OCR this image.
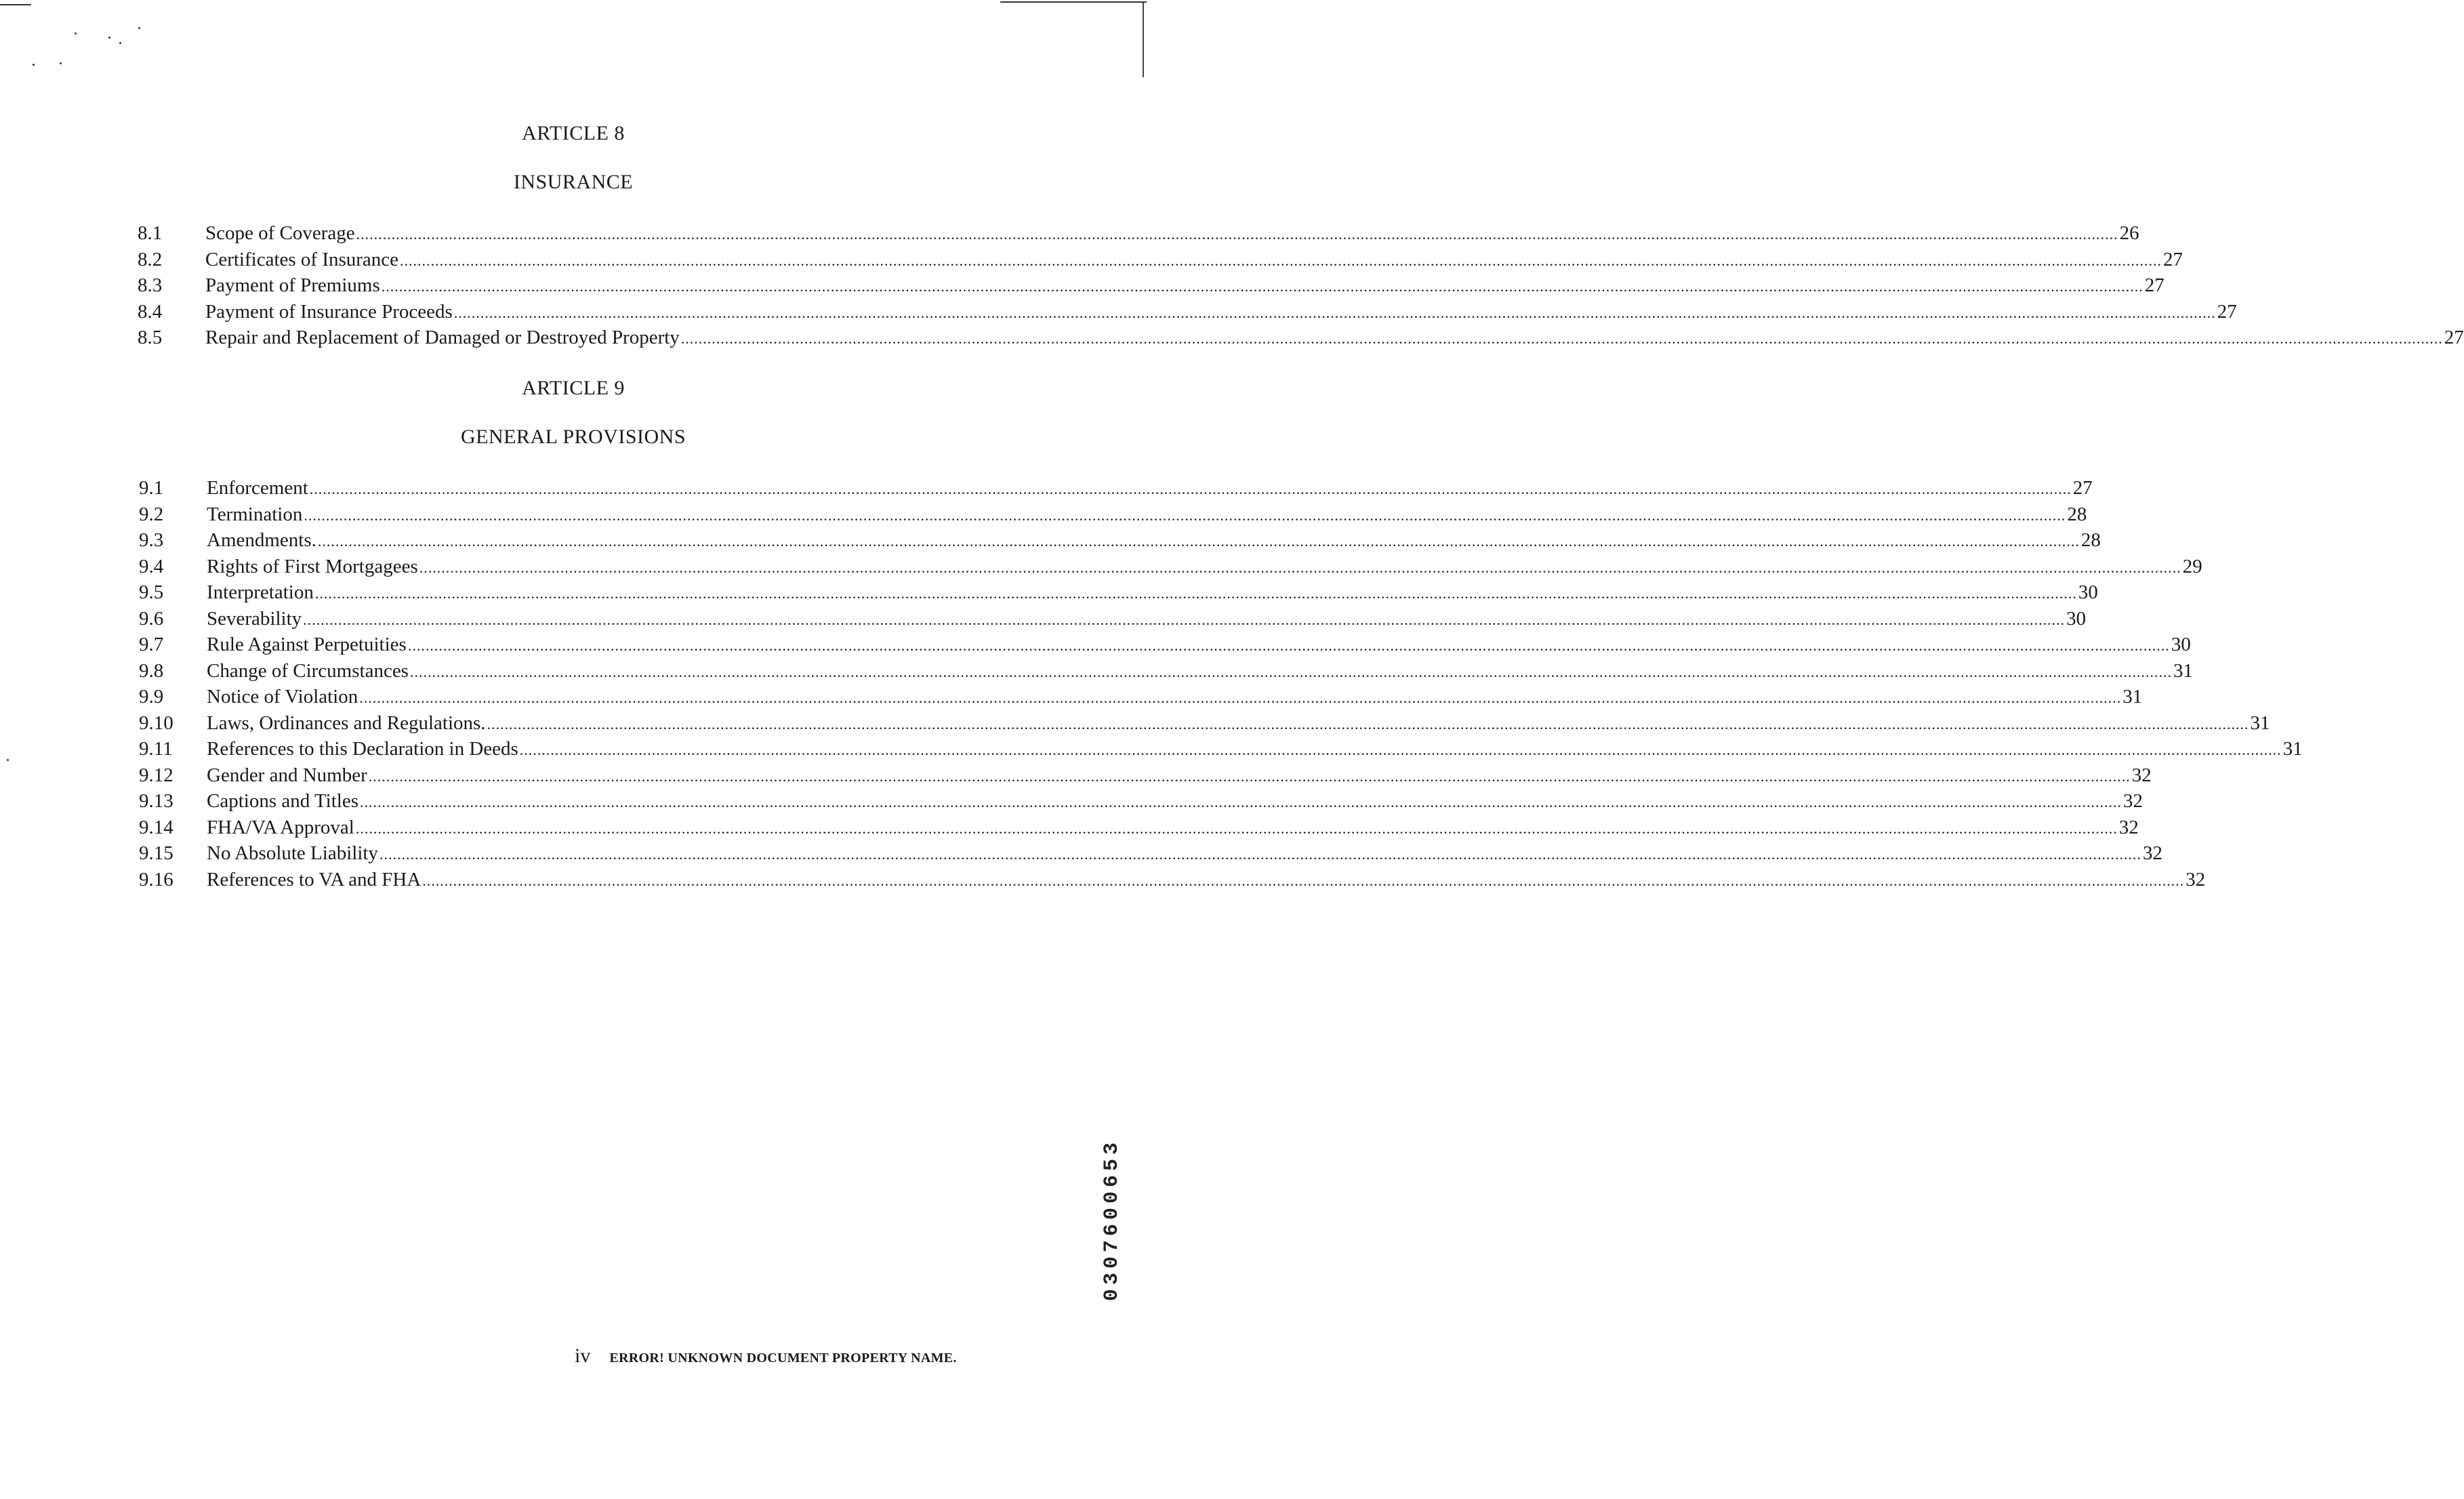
ARTICLE 8
INSURANCE
8.1	Scope of Coverage ................................................................................................................................................................................................................................................................................................................................................................................................................ 26
8.2	Certificates of Insurance ................................................................................................................................................................................................................................................................................................................................................................................................................ 27
8.3	Payment of Premiums ................................................................................................................................................................................................................................................................................................................................................................................................................ 27
8.4	Payment of Insurance Proceeds ................................................................................................................................................................................................................................................................................................................................................................................................................ 27
8.5	Repair and Replacement of Damaged or Destroyed Property ................................................................................................................................................................................................................................................................................................................................................................................................................ 27
ARTICLE 9
GENERAL PROVISIONS
9.1	Enforcement ................................................................................................................................................................................................................................................................................................................................................................................................................ 27
9.2	Termination ................................................................................................................................................................................................................................................................................................................................................................................................................ 28
9.3	Amendments. ................................................................................................................................................................................................................................................................................................................................................................................................................ 28
9.4	Rights of First Mortgagees ................................................................................................................................................................................................................................................................................................................................................................................................................ 29
9.5	Interpretation ................................................................................................................................................................................................................................................................................................................................................................................................................ 30
9.6	Severability ................................................................................................................................................................................................................................................................................................................................................................................................................ 30
9.7	Rule Against Perpetuities ................................................................................................................................................................................................................................................................................................................................................................................................................ 30
9.8	Change of Circumstances ................................................................................................................................................................................................................................................................................................................................................................................................................ 31
9.9	Notice of Violation ................................................................................................................................................................................................................................................................................................................................................................................................................ 31
9.10	Laws, Ordinances and Regulations. ................................................................................................................................................................................................................................................................................................................................................................................................................ 31
9.11	References to this Declaration in Deeds ................................................................................................................................................................................................................................................................................................................................................................................................................ 31
9.12	Gender and Number ................................................................................................................................................................................................................................................................................................................................................................................................................ 32
9.13	Captions and Titles ................................................................................................................................................................................................................................................................................................................................................................................................................ 32
9.14	FHA/VA Approval ................................................................................................................................................................................................................................................................................................................................................................................................................ 32
9.15	No Absolute Liability ................................................................................................................................................................................................................................................................................................................................................................................................................ 32
9.16	References to VA and FHA ................................................................................................................................................................................................................................................................................................................................................................................................................ 32
iv ERROR! UNKNOWN DOCUMENT PROPERTY NAME.
0307600653
